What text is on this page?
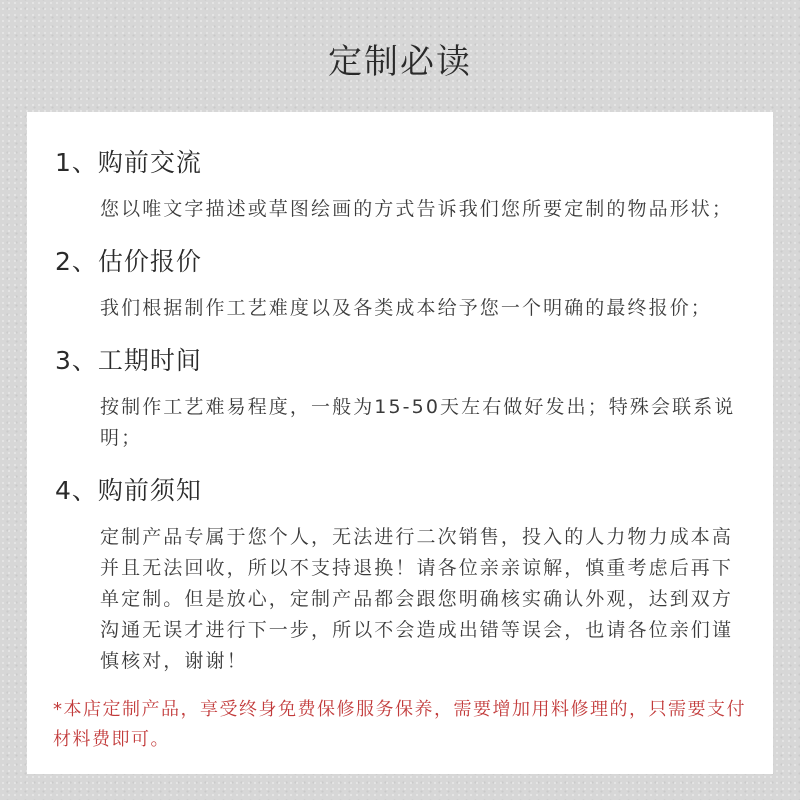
定制必读
1、购前交流

您以唯文字描述或草图绘画的方式告诉我们您所要定制的物品形状；

2、估价报价

我们根据制作工艺难度以及各类成本给予您一个明确的最终报价；

3、工期时间

按制作工艺难易程度，一般为15-50天左右做好发出；特殊会联系说明；

4、购前须知

定制产品专属于您个人，无法进行二次销售，投入的人力物力成本高并且无法回收，所以不支持退换！请各位亲亲谅解，慎重考虑后再下单定制。但是放心，定制产品都会跟您明确核实确认外观，达到双方沟通无误才进行下一步，所以不会造成出错等误会，也请各位亲们谨慎核对，谢谢！

*本店定制产品，享受终身免费保修服务保养，需要增加用料修理的，只需要支付材料费即可。
